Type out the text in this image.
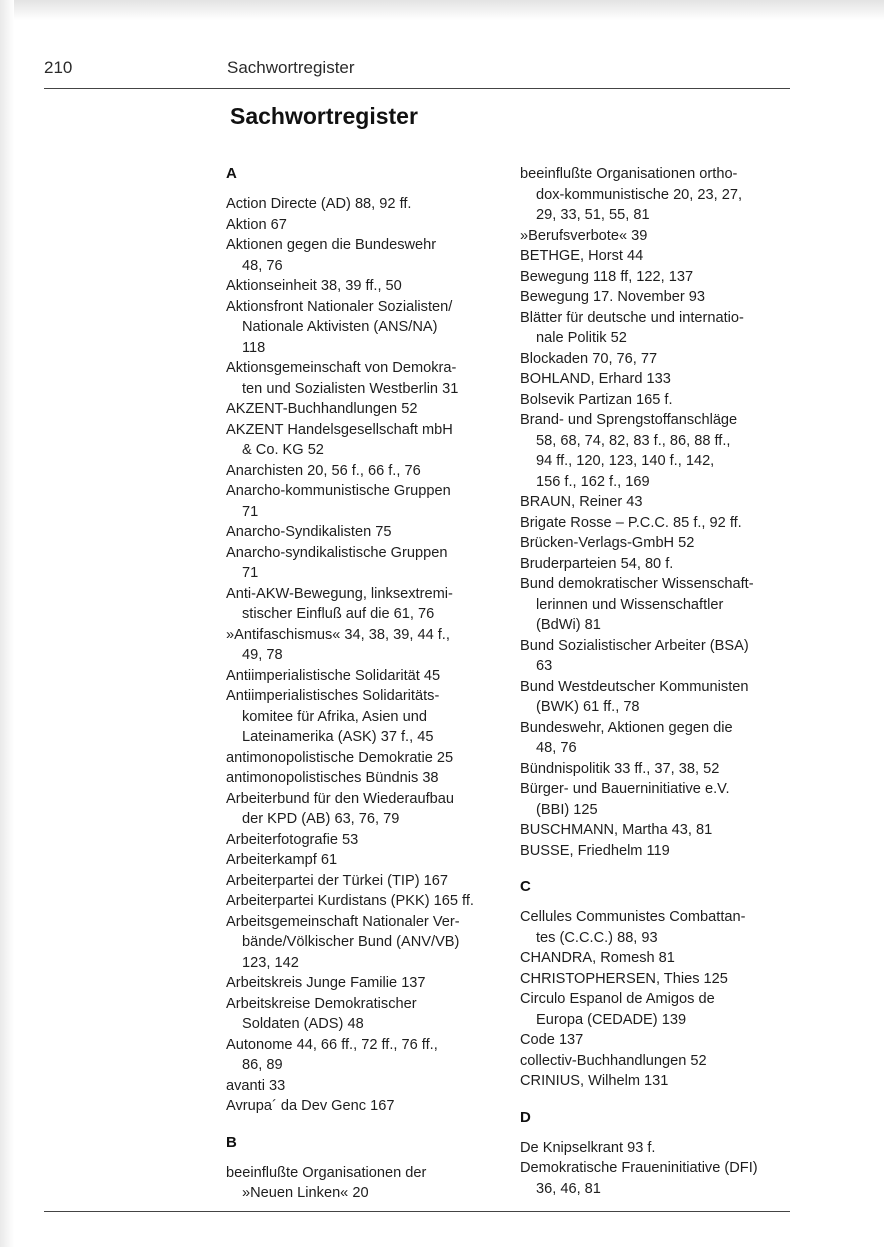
210	Sachwortregister
Sachwortregister
A
Action Directe (AD) 88, 92 ff.
Aktion 67
Aktionen gegen die Bundeswehr
48, 76
Aktionseinheit 38, 39 ff., 50
Aktionsfront Nationaler Sozialisten/
Nationale Aktivisten (ANS/NA)
118
Aktionsgemeinschaft von Demokra-
ten und Sozialisten Westberlin 31
AKZENT-Buchhandlungen 52
AKZENT Handelsgesellschaft mbH
& Co. KG 52
Anarchisten 20, 56 f., 66 f., 76
Anarcho-kommunistische Gruppen
71
Anarcho-Syndikalisten 75
Anarcho-syndikalistische Gruppen
71
Anti-AKW-Bewegung, linksextremi-
stischer Einfluß auf die 61, 76
»Antifaschismus« 34, 38, 39, 44 f.,
49, 78
Antiimperialistische Solidarität 45
Antiimperialistisches Solidaritäts-
komitee für Afrika, Asien und
Lateinamerika (ASK) 37 f., 45
antimonopolistische Demokratie 25
antimonopolistisches Bündnis 38
Arbeiterbund für den Wiederaufbau
der KPD (AB) 63, 76, 79
Arbeiterfotografie 53
Arbeiterkampf 61
Arbeiterpartei der Türkei (TIP) 167
Arbeiterpartei Kurdistans (PKK) 165 ff.
Arbeitsgemeinschaft Nationaler Ver-
bände/Völkischer Bund (ANV/VB)
123, 142
Arbeitskreis Junge Familie 137
Arbeitskreise Demokratischer
Soldaten (ADS) 48
Autonome 44, 66 ff., 72 ff., 76 ff.,
86, 89
avanti 33
Avrupa´ da Dev Genc 167
B
beeinflußte Organisationen der
»Neuen Linken« 20
beeinflußte Organisationen ortho-
dox-kommunistische 20, 23, 27,
29, 33, 51, 55, 81
»Berufsverbote« 39
BETHGE, Horst 44
Bewegung 118 ff, 122, 137
Bewegung 17. November 93
Blätter für deutsche und internatio-
nale Politik 52
Blockaden 70, 76, 77
BOHLAND, Erhard 133
Bolsevik Partizan 165 f.
Brand- und Sprengstoffanschläge
58, 68, 74, 82, 83 f., 86, 88 ff.,
94 ff., 120, 123, 140 f., 142,
156 f., 162 f., 169
BRAUN, Reiner 43
Brigate Rosse – P.C.C. 85 f., 92 ff.
Brücken-Verlags-GmbH 52
Bruderparteien 54, 80 f.
Bund demokratischer Wissenschaft-
lerinnen und Wissenschaftler
(BdWi) 81
Bund Sozialistischer Arbeiter (BSA)
63
Bund Westdeutscher Kommunisten
(BWK) 61 ff., 78
Bundeswehr, Aktionen gegen die
48, 76
Bündnispolitik 33 ff., 37, 38, 52
Bürger- und Bauerninitiative e.V.
(BBI) 125
BUSCHMANN, Martha 43, 81
BUSSE, Friedhelm 119
C
Cellules Communistes Combattan-
tes (C.C.C.) 88, 93
CHANDRA, Romesh 81
CHRISTOPHERSEN, Thies 125
Circulo Espanol de Amigos de
Europa (CEDADE) 139
Code 137
collectiv-Buchhandlungen 52
CRINIUS, Wilhelm 131
D
De Knipselkrant 93 f.
Demokratische Fraueninitiative (DFI)
36, 46, 81
